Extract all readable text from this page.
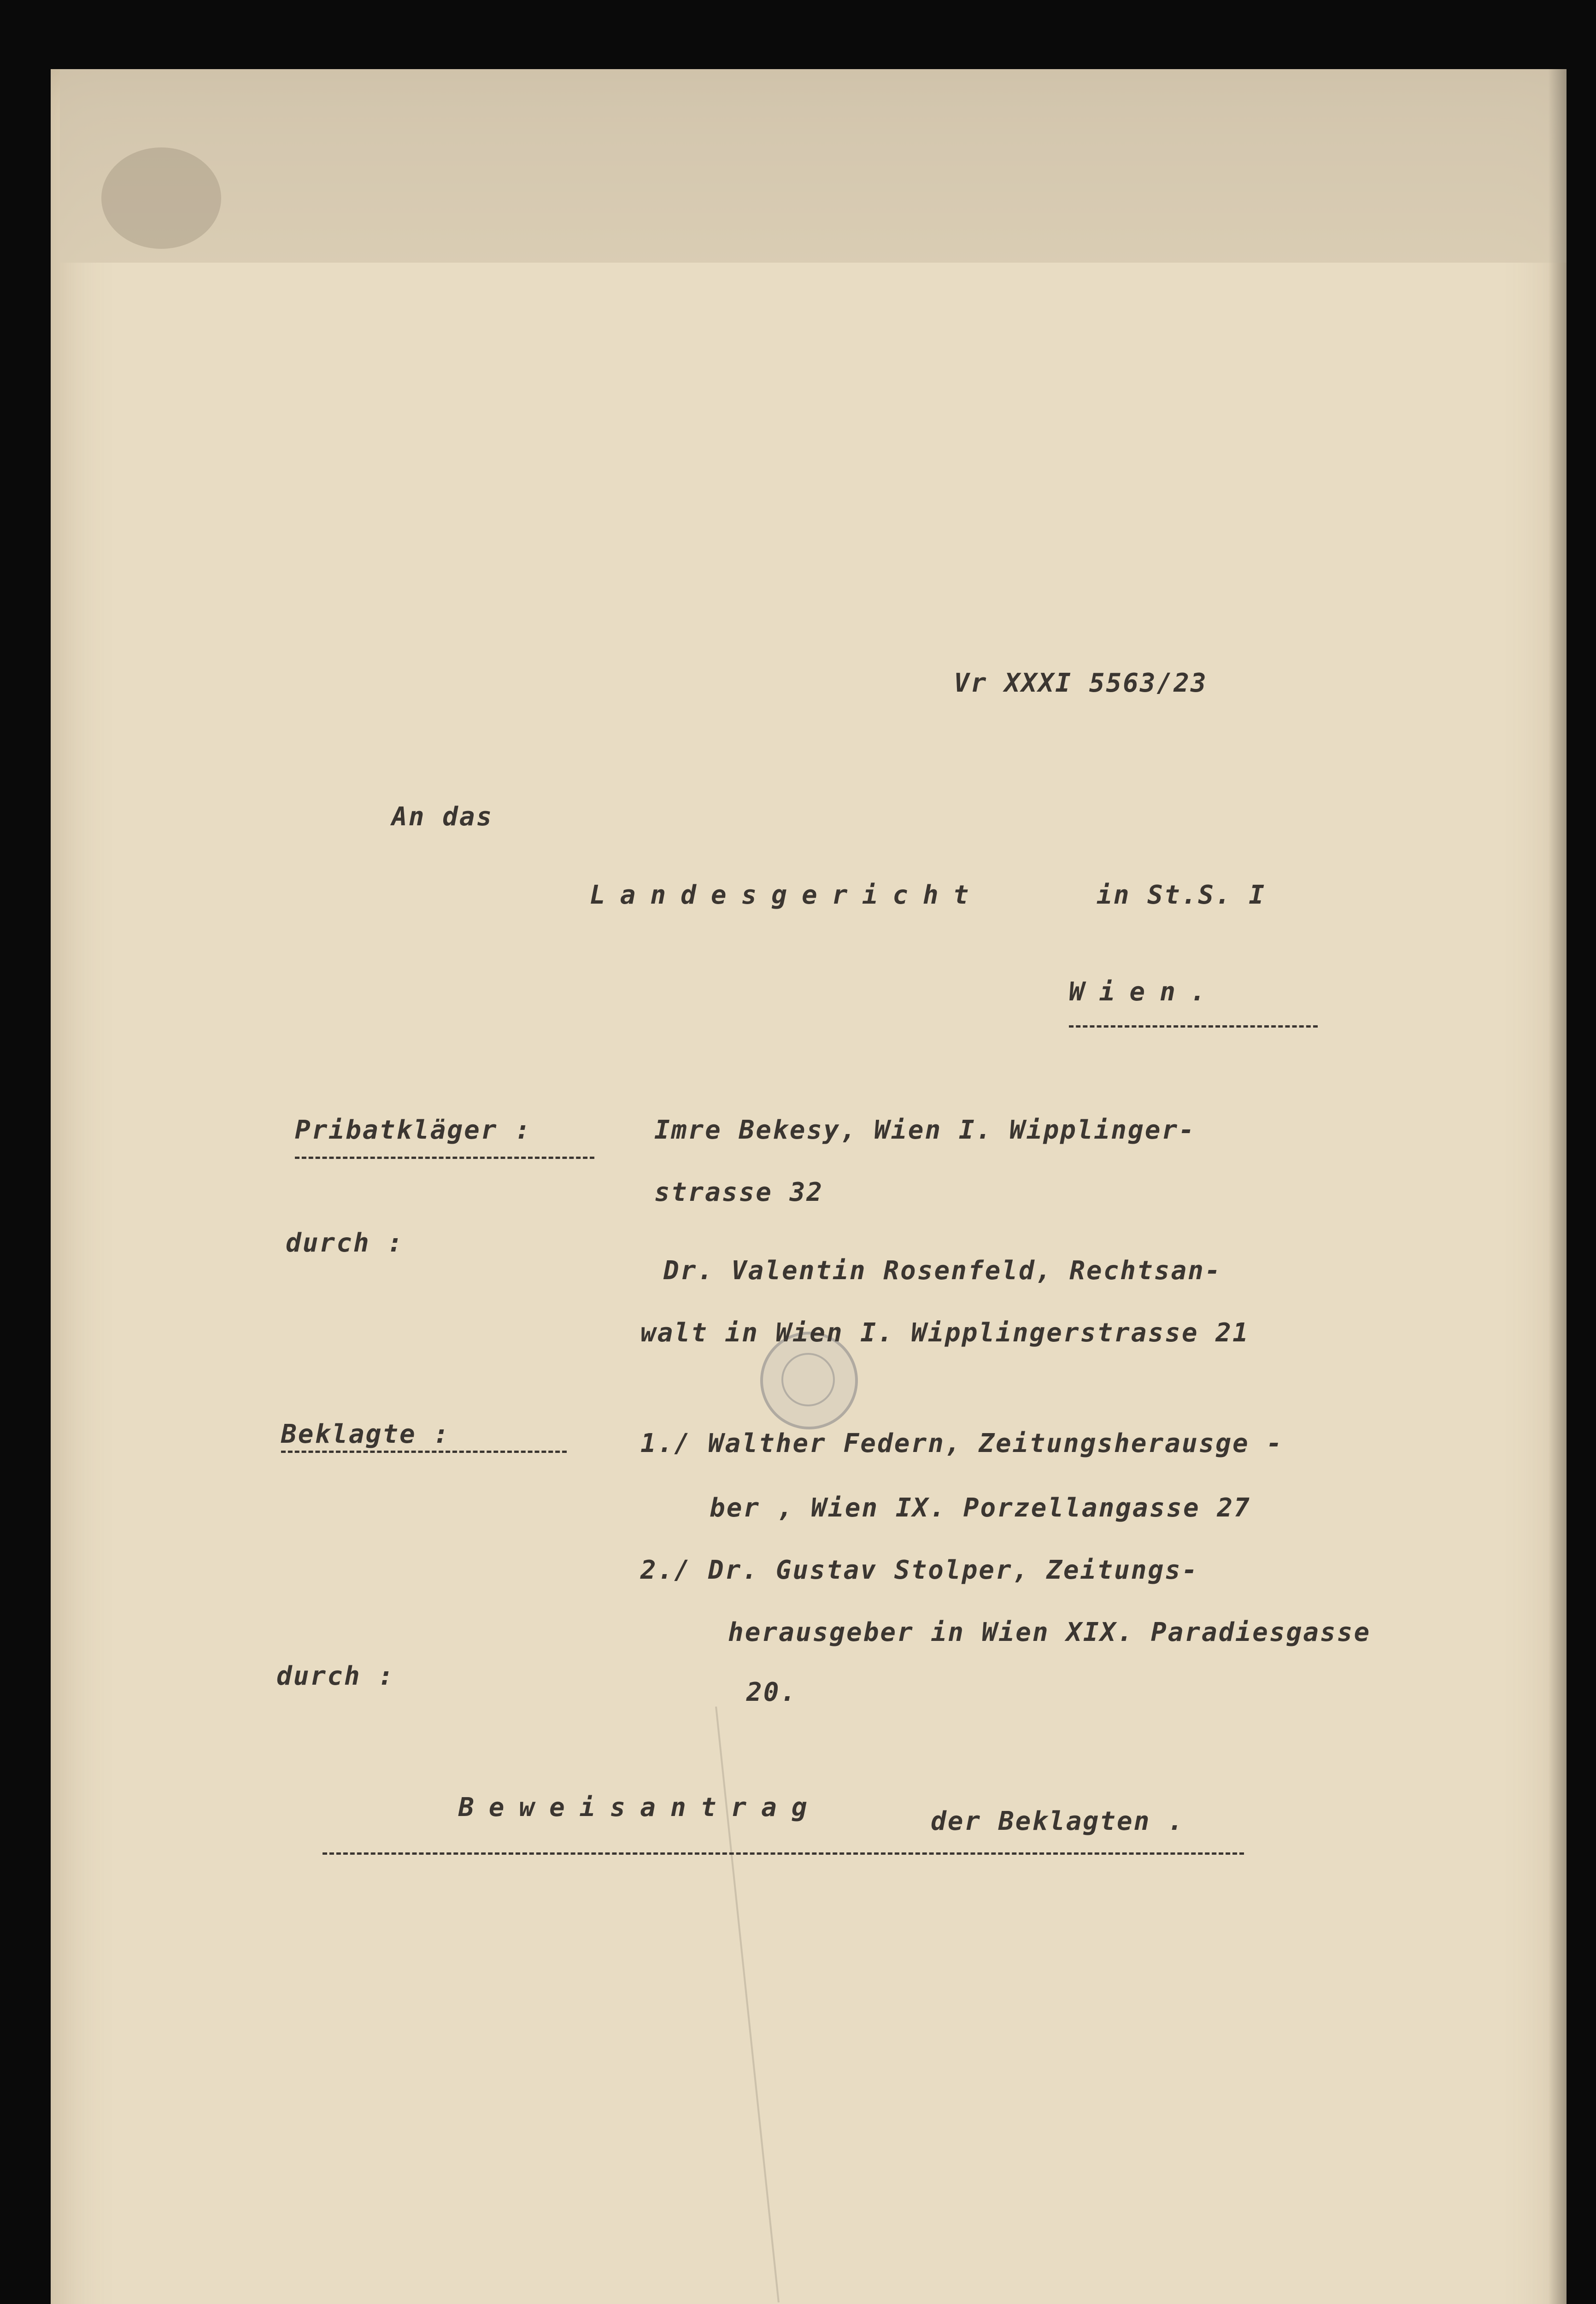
Vr XXXI 5563/23
An das
Landesgericht	in St.S. I
Wien.
Pribatkläger :	Imre Bekesy, Wien I. Wipplinger-
strasse 32
durch :
Dr. Valentin Rosenfeld, Rechtsan-
walt in Wien I. Wipplingerstrasse 21
Beklagte :	1./ Walther Federn, Zeitungsherausge -
ber , Wien IX. Porzellangasse 27
2./ Dr. Gustav Stolper, Zeitungs-
herausgeber in Wien XIX. Paradiesgasse
20.
durch :
Beweisantrag	der Beklagten .
